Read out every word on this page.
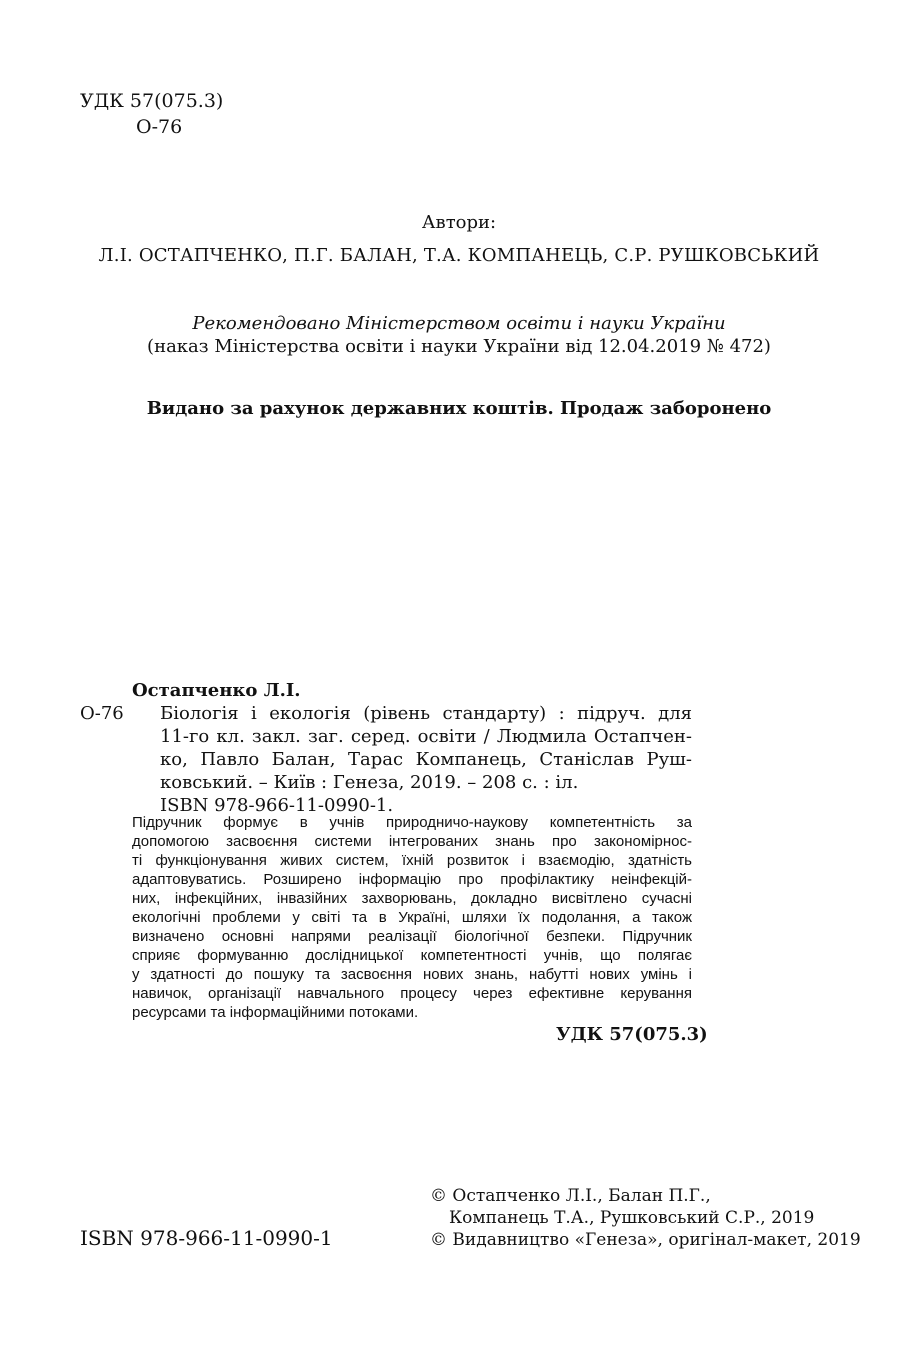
УДК 57(075.3)
О-76
Автори:
Л.І. ОСТАПЧЕНКО, П.Г. БАЛАН, Т.А. КОМПАНЕЦЬ, С.Р. РУШКОВСЬКИЙ
Рекомендовано Міністерством освіти і науки України
(наказ Міністерства освіти і науки України від 12.04.2019 № 472)
Видано за рахунок державних коштів. Продаж заборонено
Остапченко Л.І.
О-76 Біологія і екологія (рівень стандарту) : підруч. для
11-го кл. закл. заг. серед. освіти / Людмила Остапчен-
ко, Павло Балан, Тарас Компанець, Станіслав Руш-
ковський. – Київ : Генеза, 2019. – 208 с. : іл.
ISBN 978-966-11-0990-1.
Підручник формує в учнів природничо-наукову компетентність за
допомогою засвоєння системи інтегрованих знань про закономірнос-
ті функціонування живих систем, їхній розвиток і взаємодію, здатність
адаптовуватись. Розширено інформацію про профілактику неінфекцій-
них, інфекційних, інвазійних захворювань, докладно висвітлено сучасні
екологічні проблеми у світі та в Україні, шляхи їх подолання, а також
визначено основні напрями реалізації біологічної безпеки. Підручник
сприяє формуванню дослідницької компетентності учнів, що полягає
у здатності до пошуку та засвоєння нових знань, набутті нових умінь і
навичок, організації навчального процесу через ефективне керування
ресурсами та інформаційними потоками.
УДК 57(075.3)
© Остапченко Л.І., Балан П.Г.,
Компанець Т.А., Рушковський С.Р., 2019
© Видавництво «Генеза», оригінал-макет, 2019
ISBN 978-966-11-0990-1
